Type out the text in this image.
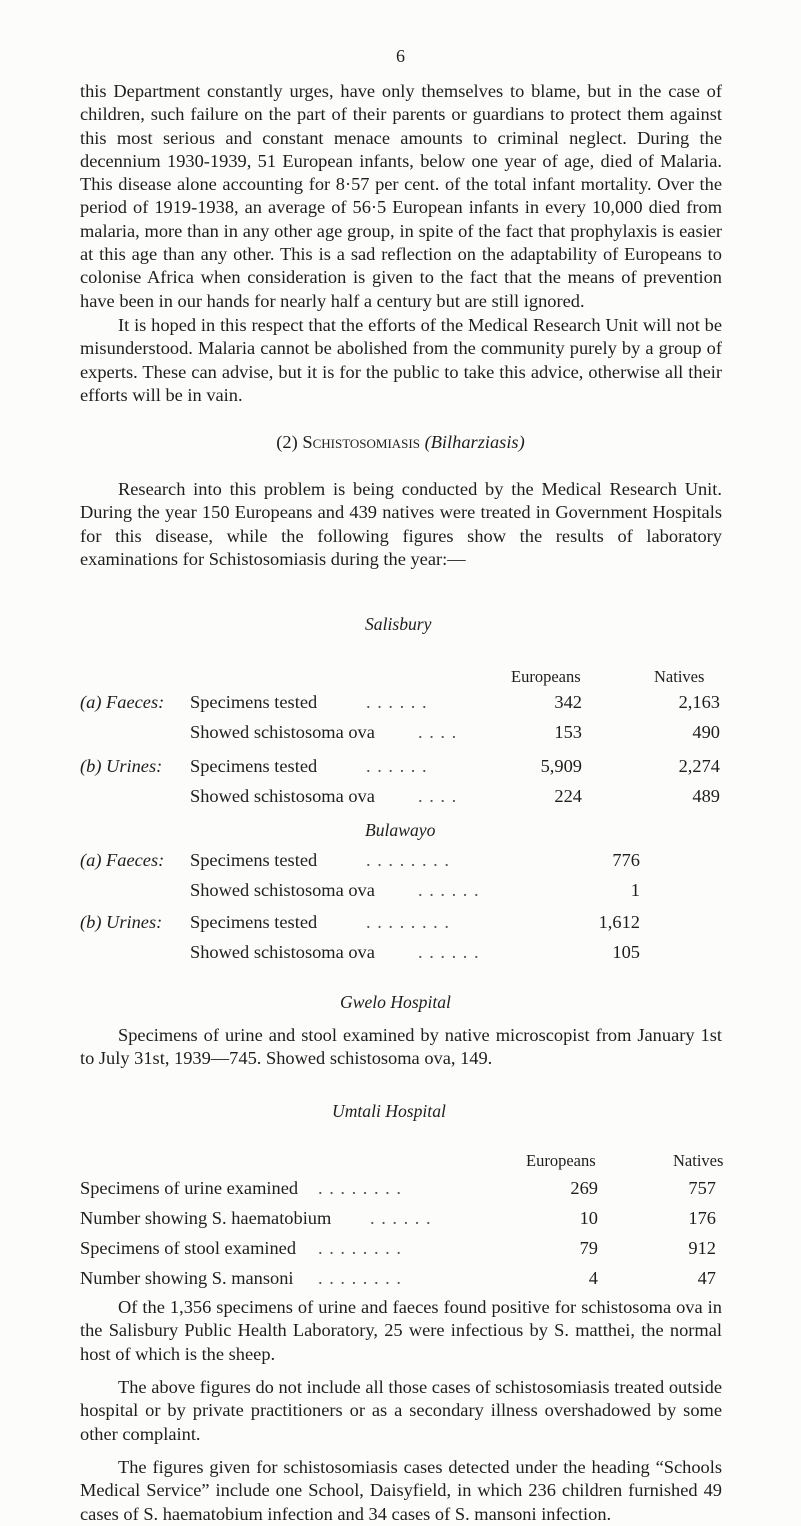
6

this Department constantly urges, have only themselves to blame, but in the case of children, such failure on the part of their parents or guardians to protect them against this most serious and constant menace amounts to criminal neglect. During the decennium 1930-1939, 51 European infants, below one year of age, died of Malaria. This disease alone accounting for 8·57 per cent. of the total infant mortality. Over the period of 1919-1938, an average of 56·5 European infants in every 10,000 died from malaria, more than in any other age group, in spite of the fact that prophylaxis is easier at this age than any other. This is a sad reflection on the adaptability of Europeans to colonise Africa when consideration is given to the fact that the means of prevention have been in our hands for nearly half a century but are still ignored.

It is hoped in this respect that the efforts of the Medical Research Unit will not be misunderstood. Malaria cannot be abolished from the community purely by a group of experts. These can advise, but it is for the public to take this advice, otherwise all their efforts will be in vain.

(2) Schistosomiasis (Bilharziasis)

Research into this problem is being conducted by the Medical Research Unit. During the year 150 Europeans and 439 natives were treated in Government Hospitals for this disease, while the following figures show the results of laboratory examinations for Schistosomiasis during the year:—

Salisbury
Europeans	Natives
(a) Faeces: Specimens tested	. . . . . .	342	2,163
Showed schistosoma ova . . . .	153	490
(b) Urines: Specimens tested	. . . . . .	5,909	2,274
Showed schistosoma ova . . . .	224	489
Bulawayo
(a) Faeces: Specimens tested	. . . . . . . .	776
Showed schistosoma ova . . . . . .	1
(b) Urines: Specimens tested	. . . . . . . .	1,612
Showed schistosoma ova . . . . . .	105
Gwelo Hospital

Specimens of urine and stool examined by native microscopist from January 1st to July 31st, 1939—745. Showed schistosoma ova, 149.

Umtali Hospital
Europeans	Natives
Specimens of urine examined . . . . . . . .	269	757
Number showing S. haematobium . . . . . .	10	176
Specimens of stool examined . . . . . . . .	79	912
Number showing S. mansoni . . . . . . . .	4	47

Of the 1,356 specimens of urine and faeces found positive for schistosoma ova in the Salisbury Public Health Laboratory, 25 were infectious by S. matthei, the normal host of which is the sheep.

The above figures do not include all those cases of schistosomiasis treated outside hospital or by private practitioners or as a secondary illness overshadowed by some other complaint.

The figures given for schistosomiasis cases detected under the heading “Schools Medical Service” include one School, Daisyfield, in which 236 children furnished 49 cases of S. haematobium infection and 34 cases of S. mansoni infection.
